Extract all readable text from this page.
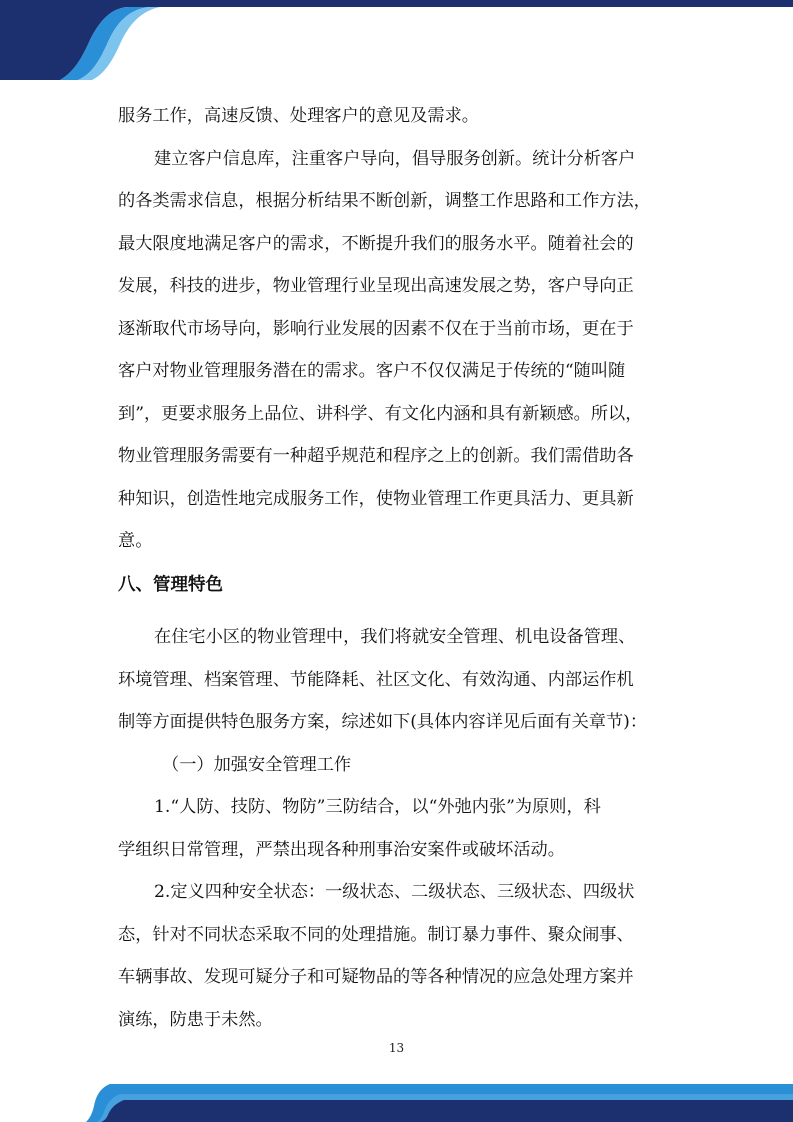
服务工作，高速反馈、处理客户的意见及需求。

建立客户信息库，注重客户导向，倡导服务创新。统计分析客户

的各类需求信息，根据分析结果不断创新，调整工作思路和工作方法，

最大限度地满足客户的需求，不断提升我们的服务水平。随着社会的

发展，科技的进步，物业管理行业呈现出高速发展之势，客户导向正

逐渐取代市场导向，影响行业发展的因素不仅在于当前市场，更在于

客户对物业管理服务潜在的需求。客户不仅仅满足于传统的“随叫随

到”，更要求服务上品位、讲科学、有文化内涵和具有新颖感。所以，

物业管理服务需要有一种超乎规范和程序之上的创新。我们需借助各

种知识，创造性地完成服务工作，使物业管理工作更具活力、更具新

意。

八、管理特色

在住宅小区的物业管理中，我们将就安全管理、机电设备管理、

环境管理、档案管理、节能降耗、社区文化、有效沟通、内部运作机

制等方面提供特色服务方案，综述如下(具体内容详见后面有关章节)：

（一）加强安全管理工作

1.“人防、技防、物防”三防结合，以“外弛内张”为原则，科

学组织日常管理，严禁出现各种刑事治安案件或破坏活动。

2.定义四种安全状态：一级状态、二级状态、三级状态、四级状

态，针对不同状态采取不同的处理措施。制订暴力事件、聚众闹事、

车辆事故、发现可疑分子和可疑物品的等各种情况的应急处理方案并

演练，防患于未然。

13
